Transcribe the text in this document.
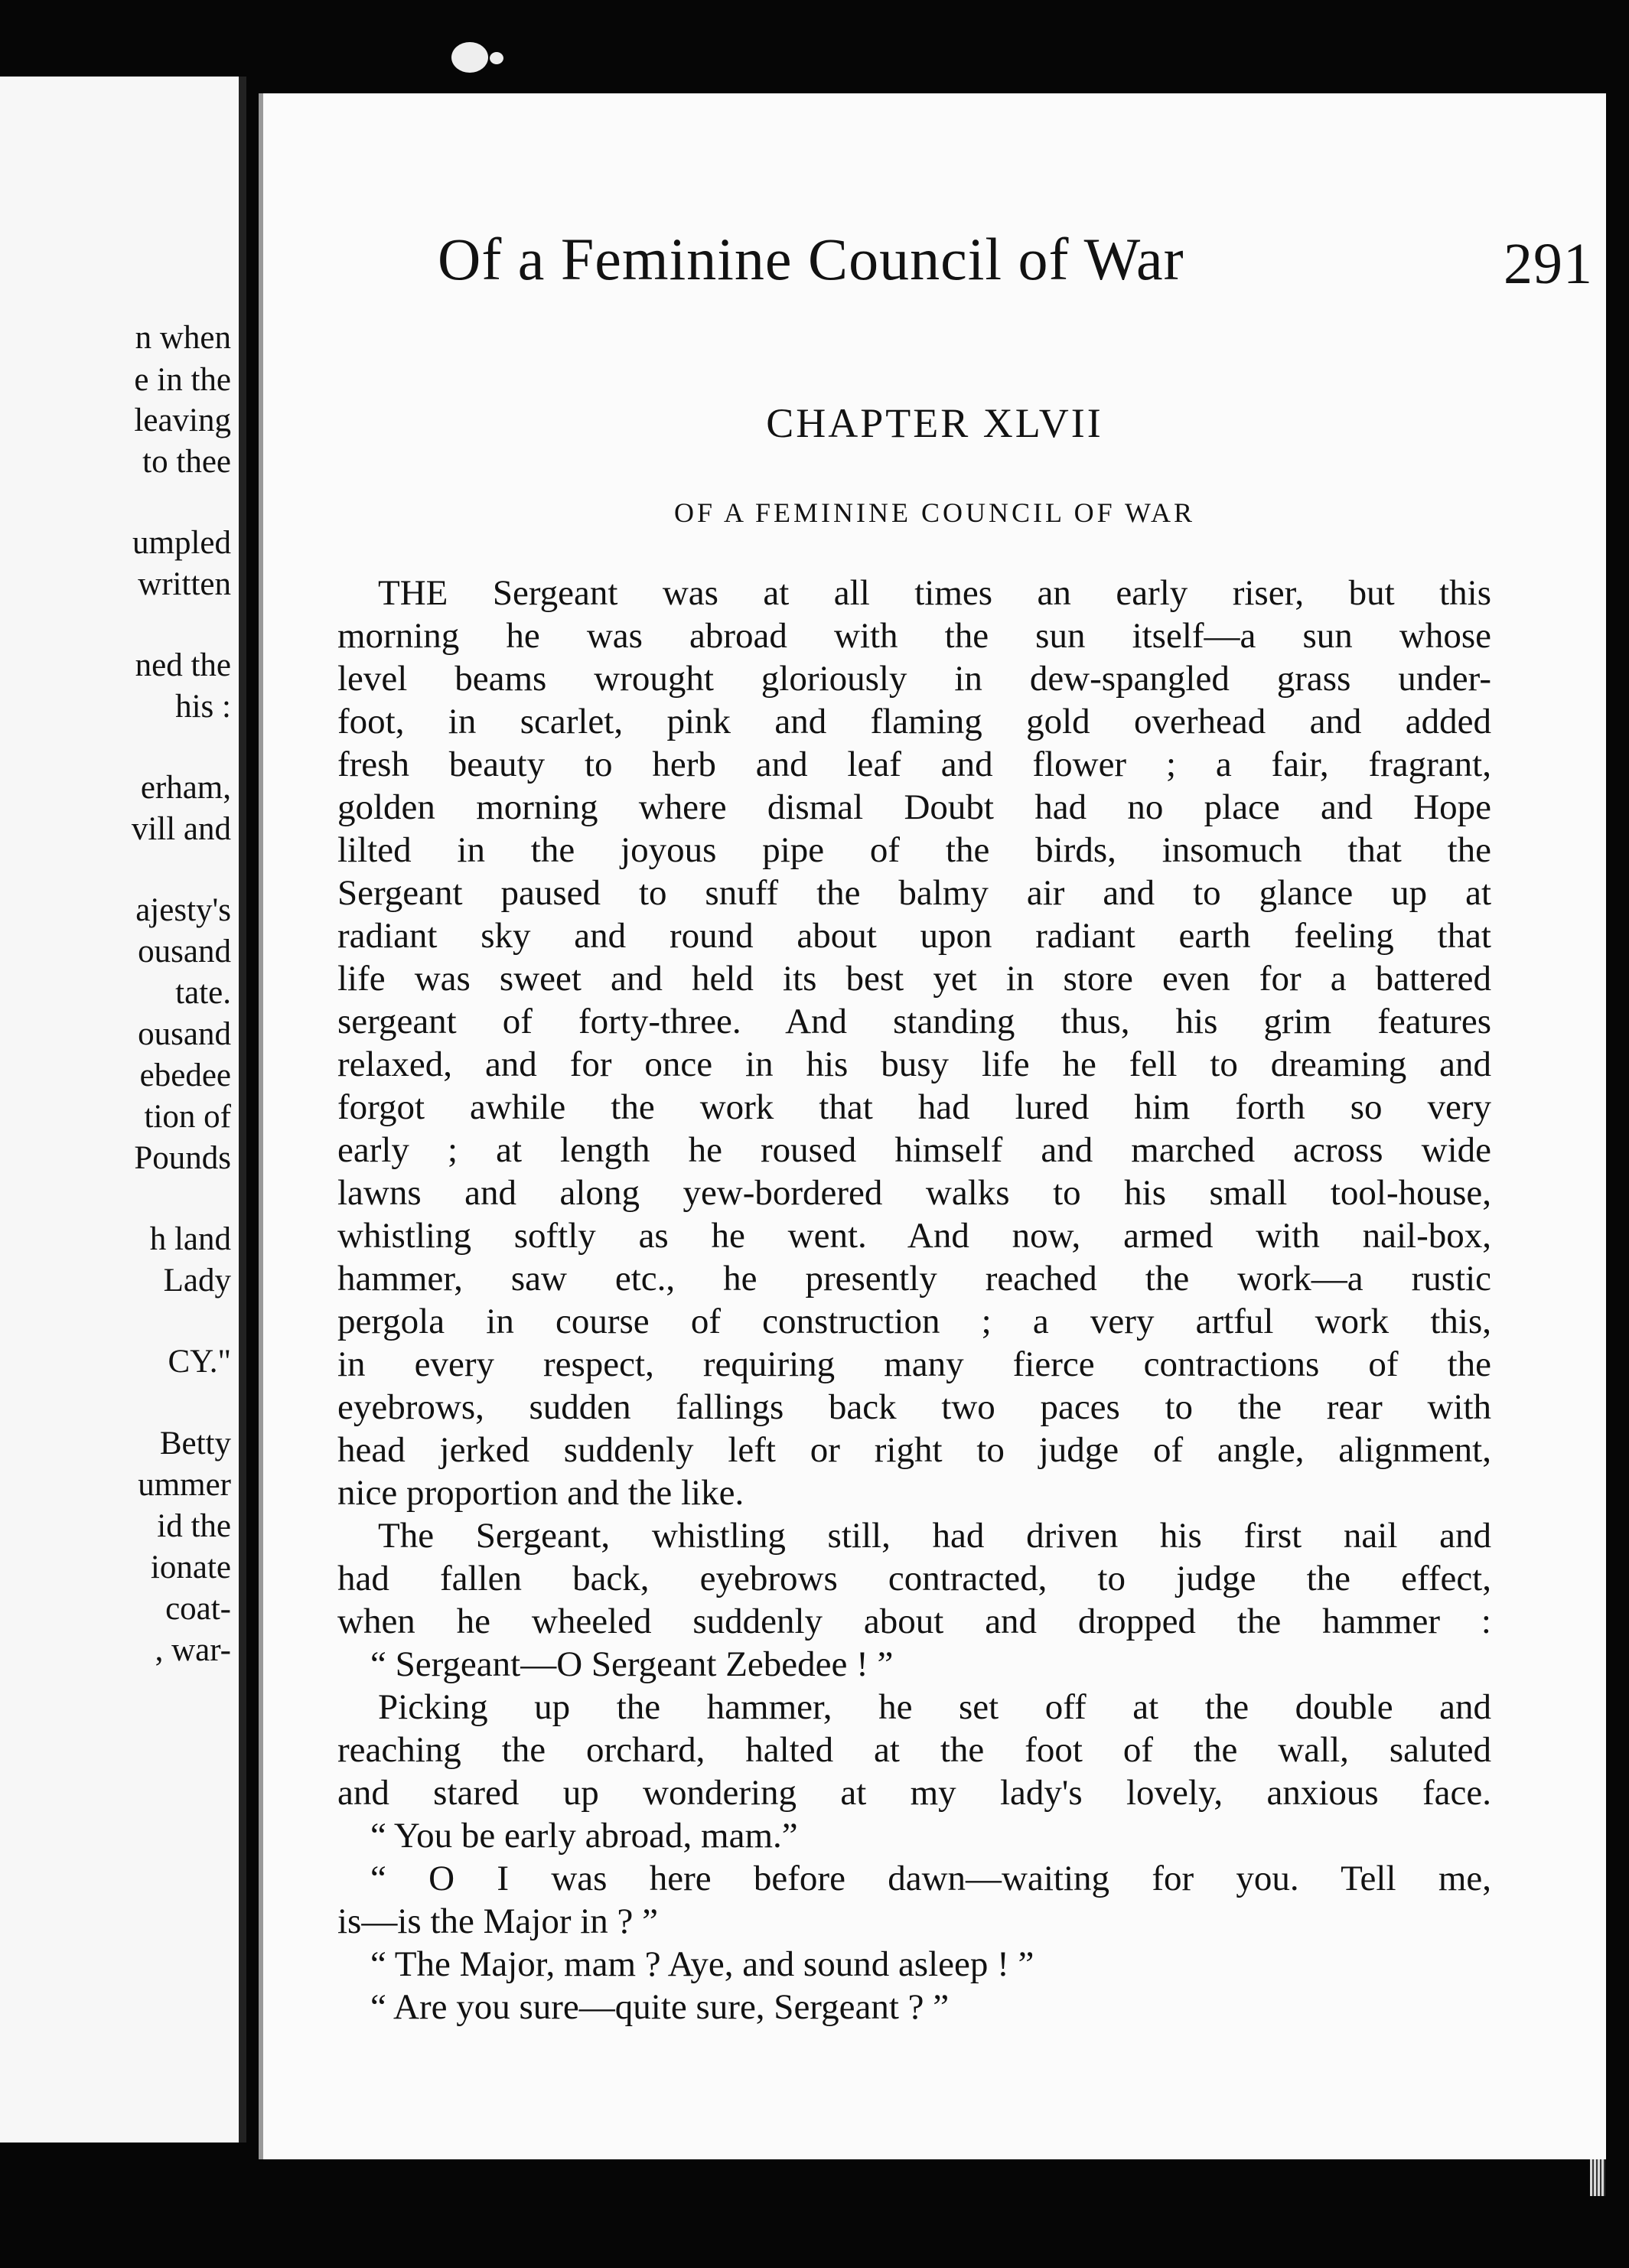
n when
e in the
leaving
to thee
umpled
written
ned the
his :
erham,
vill and
ajesty's
ousand
tate.
ousand
ebedee
tion of
Pounds
h land
Lady
CY."
Betty
ummer
id the
ionate
coat-
, war-
Of a Feminine Council of War	291
CHAPTER XLVII
OF A FEMININE COUNCIL OF WAR
THE Sergeant was at all times an early riser, but this
morning he was abroad with the sun itself—a sun whose
level beams wrought gloriously in dew-spangled grass under-
foot, in scarlet, pink and flaming gold overhead and added
fresh beauty to herb and leaf and flower ; a fair, fragrant,
golden morning where dismal Doubt had no place and Hope
lilted in the joyous pipe of the birds, insomuch that the
Sergeant paused to snuff the balmy air and to glance up at
radiant sky and round about upon radiant earth feeling that
life was sweet and held its best yet in store even for a battered
sergeant of forty-three. And standing thus, his grim features
relaxed, and for once in his busy life he fell to dreaming and
forgot awhile the work that had lured him forth so very
early ; at length he roused himself and marched across wide
lawns and along yew-bordered walks to his small tool-house,
whistling softly as he went. And now, armed with nail-box,
hammer, saw etc., he presently reached the work—a rustic
pergola in course of construction ; a very artful work this,
in every respect, requiring many fierce contractions of the
eyebrows, sudden fallings back two paces to the rear with
head jerked suddenly left or right to judge of angle, alignment,
nice proportion and the like.
The Sergeant, whistling still, had driven his first nail and
had fallen back, eyebrows contracted, to judge the effect,
when he wheeled suddenly about and dropped the hammer :
“ Sergeant—O Sergeant Zebedee ! ”
Picking up the hammer, he set off at the double and
reaching the orchard, halted at the foot of the wall, saluted
and stared up wondering at my lady's lovely, anxious face.
“ You be early abroad, mam.”
“ O I was here before dawn—waiting for you. Tell me,
is—is the Major in ? ”
“ The Major, mam ? Aye, and sound asleep ! ”
“ Are you sure—quite sure, Sergeant ? ”
